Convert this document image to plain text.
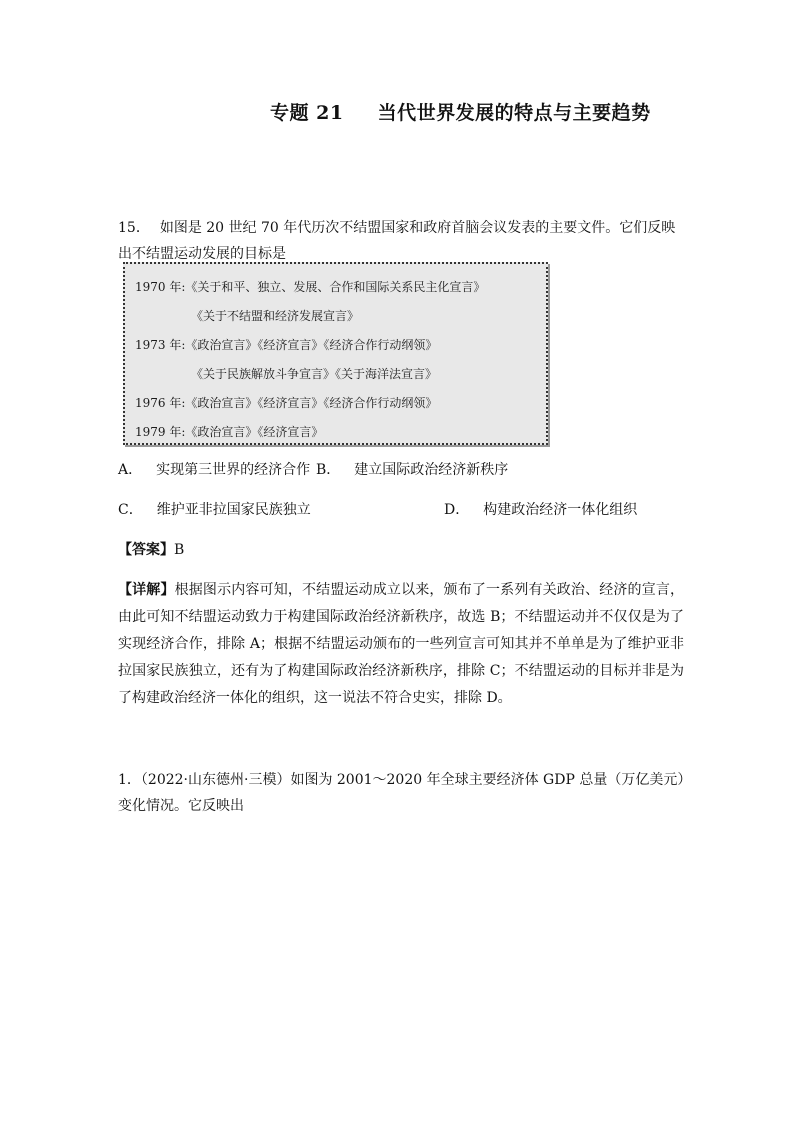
专题 21 当代世界发展的特点与主要趋势
15． 如图是 20 世纪 70 年代历次不结盟国家和政府首脑会议发表的主要文件。它们反映出不结盟运动发展的目标是
1970 年:《关于和平、独立、发展、合作和国际关系民主化宣言》
《关于不结盟和经济发展宣言》
1973 年:《政治宣言》《经济宣言》《经济合作行动纲领》
《关于民族解放斗争宣言》《关于海洋法宣言》
1976 年:《政治宣言》《经济宣言》《经济合作行动纲领》
1979 年:《政治宣言》《经济宣言》
A． 实现第三世界的经济合作 B． 建立国际政治经济新秩序
C． 维护亚非拉国家民族独立	D． 构建政治经济一体化组织
【答案】B
【详解】根据图示内容可知，不结盟运动成立以来，颁布了一系列有关政治、经济的宣言，由此可知不结盟运动致力于构建国际政治经济新秩序，故选 B；不结盟运动并不仅仅是为了实现经济合作，排除 A；根据不结盟运动颁布的一些列宣言可知其并不单单是为了维护亚非拉国家民族独立，还有为了构建国际政治经济新秩序，排除 C；不结盟运动的目标并非是为了构建政治经济一体化的组织，这一说法不符合史实，排除 D。
1．（2022·山东德州·三模）如图为 2001～2020 年全球主要经济体 GDP 总量（万亿美元）变化情况。它反映出
